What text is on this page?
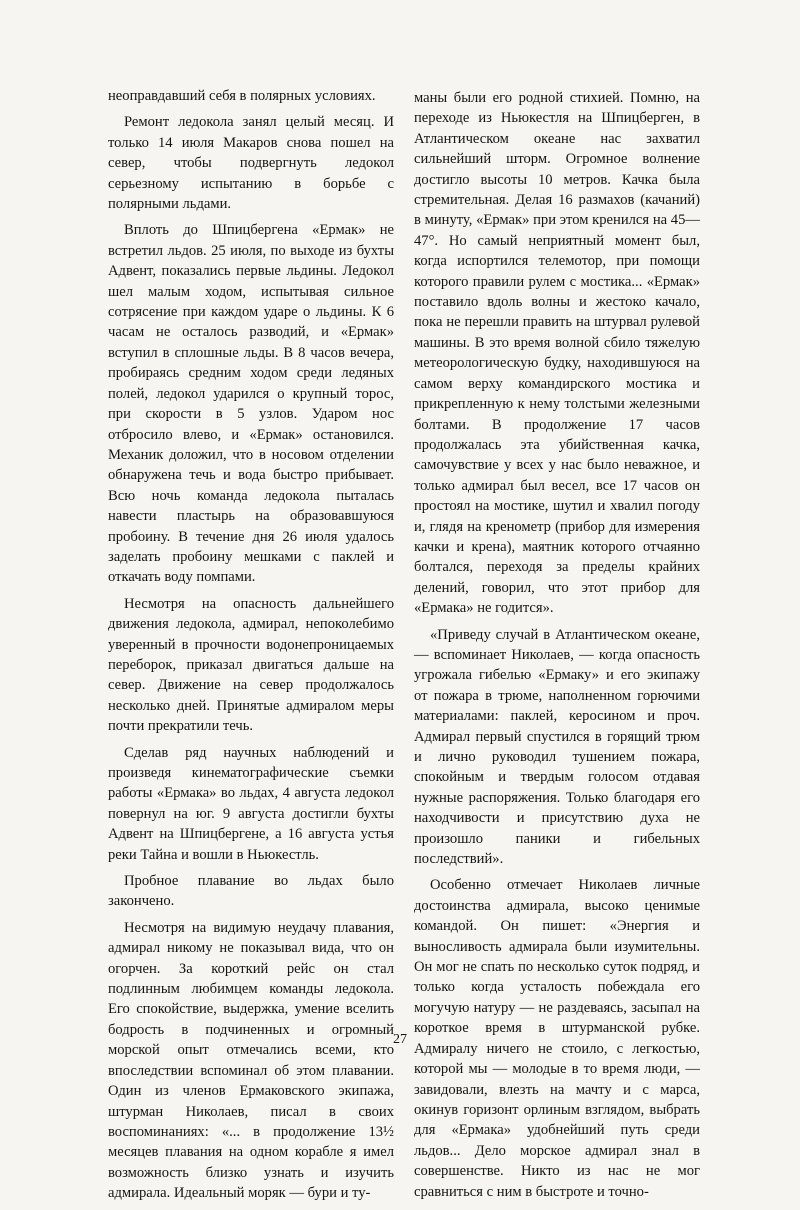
неоправдавший себя в полярных условиях.

Ремонт ледокола занял целый месяц. И только 14 июля Макаров снова пошел на север, чтобы подвергнуть ледокол серьезному испытанию в борьбе с полярными льдами.

Вплоть до Шпицбергена «Ермак» не встретил льдов. 25 июля, по выходе из бухты Адвент, показались первые льдины. Ледокол шел малым ходом, испытывая сильное сотрясение при каждом ударе о льдины. К 6 часам не осталось разводий, и «Ермак» вступил в сплошные льды. В 8 часов вечера, пробираясь средним ходом среди ледяных полей, ледокол ударился о крупный торос, при скорости в 5 узлов. Ударом нос отбросило влево, и «Ермак» остановился. Механик доложил, что в носовом отделении обнаружена течь и вода быстро прибывает. Всю ночь команда ледокола пыталась навести пластырь на образовавшуюся пробоину. В течение дня 26 июля удалось заделать пробоину мешками с паклей и откачать воду помпами.

Несмотря на опасность дальнейшего движения ледокола, адмирал, непоколебимо уверенный в прочности водонепроницаемых переборок, приказал двигаться дальше на север. Движение на север продолжалось несколько дней. Принятые адмиралом меры почти прекратили течь.

Сделав ряд научных наблюдений и произведя кинематографические съемки работы «Ермака» во льдах, 4 августа ледокол повернул на юг. 9 августа достигли бухты Адвент на Шпицбергене, а 16 августа устья реки Тайна и вошли в Ньюкестль.

Пробное плавание во льдах было закончено.

Несмотря на видимую неудачу плавания, адмирал никому не показывал вида, что он огорчен. За короткий рейс он стал подлинным любимцем команды ледокола. Его спокойствие, выдержка, умение вселить бодрость в подчиненных и огромный морской опыт отмечались всеми, кто впоследствии вспоминал об этом плавании. Один из членов Ермаковского экипажа, штурман Николаев, писал в своих воспоминаниях: «... в продолжение 13½ месяцев плавания на одном корабле я имел возможность близко узнать и изучить адмирала. Идеальный моряк — бури и ту-

маны были его родной стихией. Помню, на переходе из Ньюкестля на Шпицберген, в Атлантическом океане нас захватил сильнейший шторм. Огромное волнение достигло высоты 10 метров. Качка была стремительная. Делая 16 размахов (качаний) в минуту, «Ермак» при этом кренился на 45—47°. Но самый неприятный момент был, когда испортился телемотор, при помощи которого правили рулем с мостика... «Ермак» поставило вдоль волны и жестоко качало, пока не перешли править на штурвал рулевой машины. В это время волной сбило тяжелую метеорологическую будку, находившуюся на самом верху командирского мостика и прикрепленную к нему толстыми железными болтами. В продолжение 17 часов продолжалась эта убийственная качка, самочувствие у всех у нас было неважное, и только адмирал был весел, все 17 часов он простоял на мостике, шутил и хвалил погоду и, глядя на кренометр (прибор для измерения качки и крена), маятник которого отчаянно болтался, переходя за пределы крайних делений, говорил, что этот прибор для «Ермака» не годится».

«Приведу случай в Атлантическом океане, — вспоминает Николаев, — когда опасность угрожала гибелью «Ермаку» и его экипажу от пожара в трюме, наполненном горючими материалами: паклей, керосином и проч. Адмирал первый спустился в горящий трюм и лично руководил тушением пожара, спокойным и твердым голосом отдавая нужные распоряжения. Только благодаря его находчивости и присутствию духа не произошло паники и гибельных последствий».

Особенно отмечает Николаев личные достоинства адмирала, высоко ценимые командой. Он пишет: «Энергия и выносливость адмирала были изумительны. Он мог не спать по несколько суток подряд, и только когда усталость побеждала его могучую натуру — не раздеваясь, засыпал на короткое время в штурманской рубке. Адмиралу ничего не стоило, с легкостью, которой мы — молодые в то время люди, — завидовали, влезть на мачту и с марса, окинув горизонт орлиным взглядом, выбрать для «Ермака» удобнейший путь среди льдов... Дело морское адмирал знал в совершенстве. Никто из нас не мог сравниться с ним в быстроте и точно-

27
